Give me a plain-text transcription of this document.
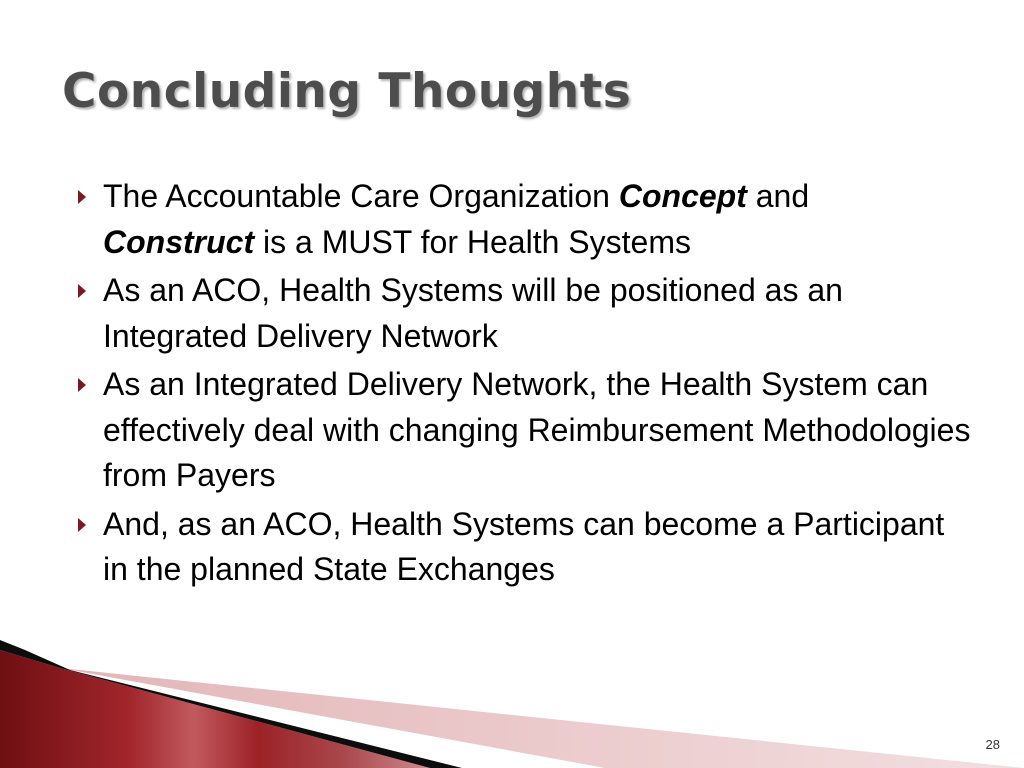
Concluding Thoughts
The Accountable Care Organization Concept and
Construct is a MUST for Health Systems
As an ACO, Health Systems will be positioned as an Integrated Delivery Network
As an Integrated Delivery Network, the Health System can effectively deal with changing Reimbursement Methodologies from Payers
And, as an ACO, Health Systems can become a Participant in the planned State Exchanges
28
